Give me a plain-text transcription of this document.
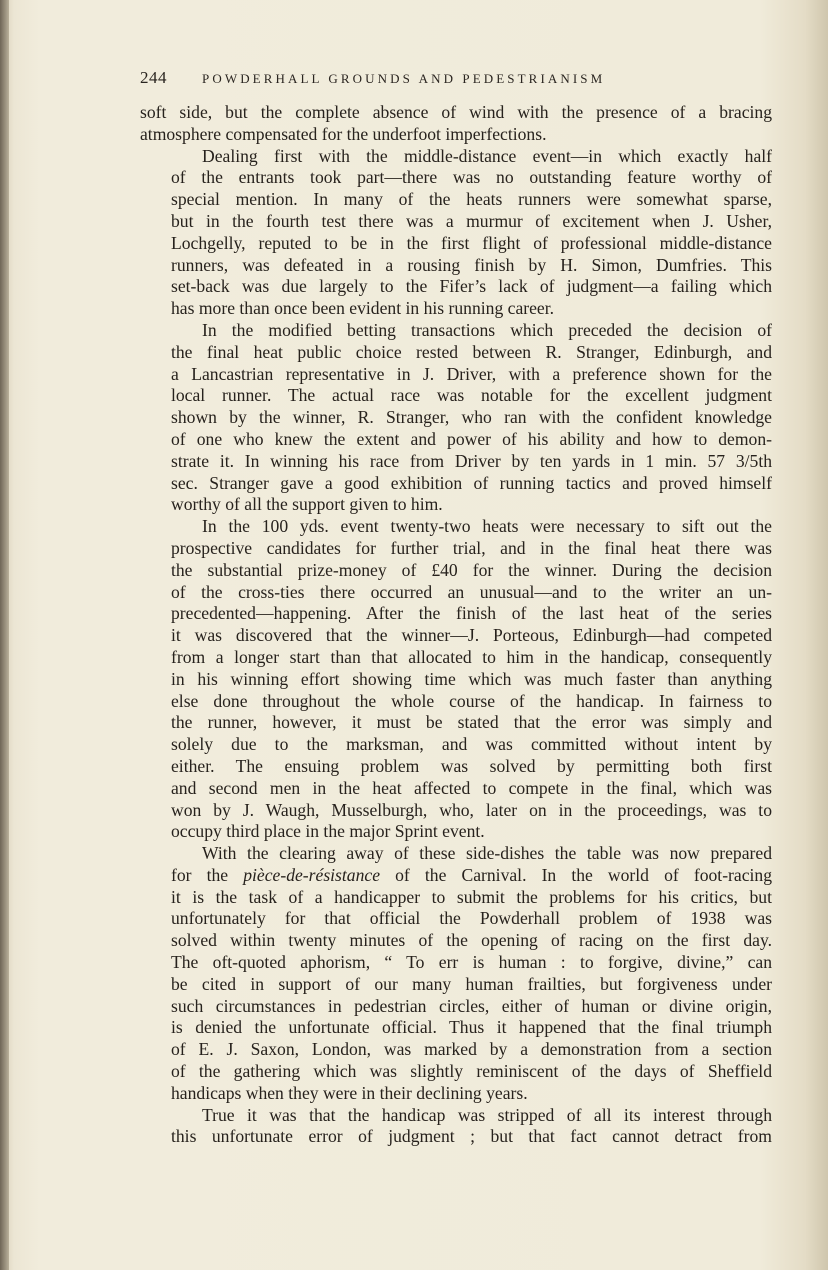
244	POWDERHALL GROUNDS AND PEDESTRIANISM

soft side, but the complete absence of wind with the presence of a bracing
atmosphere compensated for the underfoot imperfections.

Dealing first with the middle-distance event—in which exactly half
of the entrants took part—there was no outstanding feature worthy of
special mention. In many of the heats runners were somewhat sparse,
but in the fourth test there was a murmur of excitement when J. Usher,
Lochgelly, reputed to be in the first flight of professional middle-distance
runners, was defeated in a rousing finish by H. Simon, Dumfries. This
set-back was due largely to the Fifer’s lack of judgment—a failing which
has more than once been evident in his running career.

In the modified betting transactions which preceded the decision of
the final heat public choice rested between R. Stranger, Edinburgh, and
a Lancastrian representative in J. Driver, with a preference shown for the
local runner. The actual race was notable for the excellent judgment
shown by the winner, R. Stranger, who ran with the confident knowledge
of one who knew the extent and power of his ability and how to demon-
strate it. In winning his race from Driver by ten yards in 1 min. 57 3/5th
sec. Stranger gave a good exhibition of running tactics and proved himself
worthy of all the support given to him.

In the 100 yds. event twenty-two heats were necessary to sift out the
prospective candidates for further trial, and in the final heat there was
the substantial prize-money of £40 for the winner. During the decision
of the cross-ties there occurred an unusual—and to the writer an un-
precedented—happening. After the finish of the last heat of the series
it was discovered that the winner—J. Porteous, Edinburgh—had competed
from a longer start than that allocated to him in the handicap, consequently
in his winning effort showing time which was much faster than anything
else done throughout the whole course of the handicap. In fairness to
the runner, however, it must be stated that the error was simply and
solely due to the marksman, and was committed without intent by
either. The ensuing problem was solved by permitting both first
and second men in the heat affected to compete in the final, which was
won by J. Waugh, Musselburgh, who, later on in the proceedings, was to
occupy third place in the major Sprint event.

With the clearing away of these side-dishes the table was now prepared
for the pièce-de-résistance of the Carnival. In the world of foot-racing
it is the task of a handicapper to submit the problems for his critics, but
unfortunately for that official the Powderhall problem of 1938 was
solved within twenty minutes of the opening of racing on the first day.
The oft-quoted aphorism, “ To err is human : to forgive, divine,” can
be cited in support of our many human frailties, but forgiveness under
such circumstances in pedestrian circles, either of human or divine origin,
is denied the unfortunate official. Thus it happened that the final triumph
of E. J. Saxon, London, was marked by a demonstration from a section
of the gathering which was slightly reminiscent of the days of Sheffield
handicaps when they were in their declining years.

True it was that the handicap was stripped of all its interest through
this unfortunate error of judgment ; but that fact cannot detract from
